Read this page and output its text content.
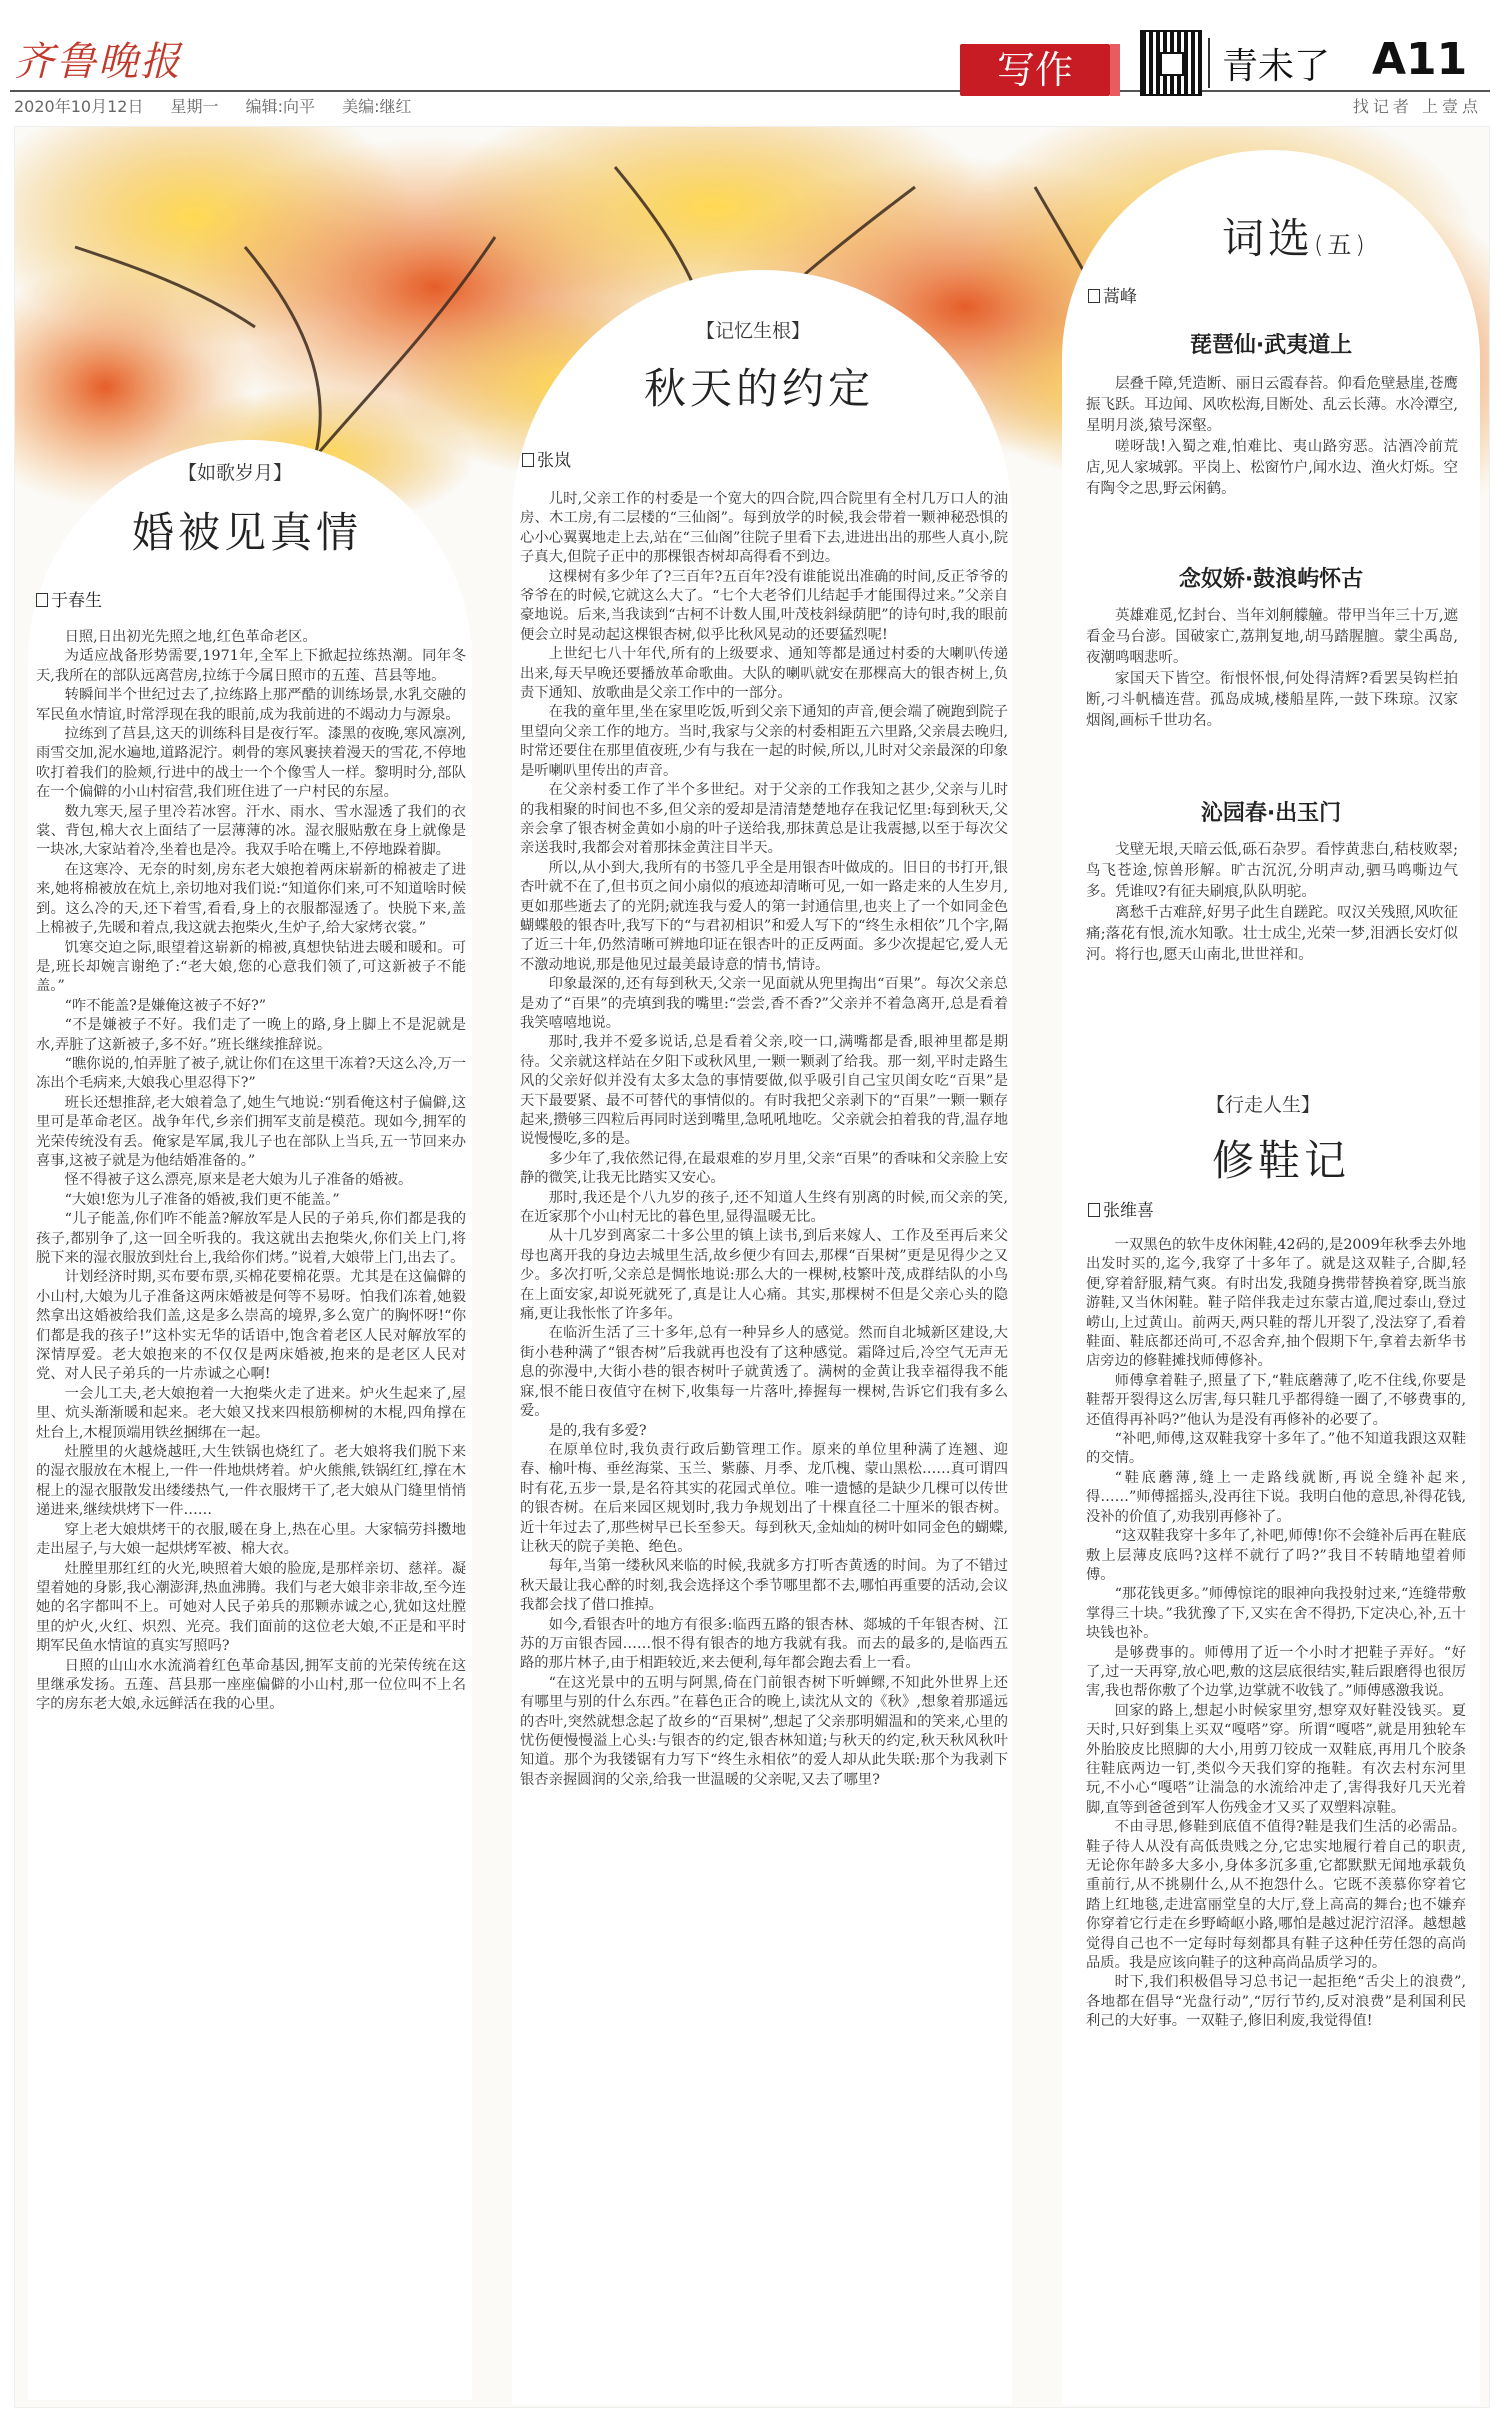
齐鲁晚报
2020年10月12日 星期一 编辑:向平 美编:继红
写作	青未了 A11
找记者 上壹点
【如歌岁月】
婚被见真情
于春生

日照,日出初光先照之地,红色革命老区。

为适应战备形势需要,1971年,全军上下掀起拉练热潮。同年冬天,我所在的部队远离营房,拉练于今属日照市的五莲、莒县等地。

转瞬间半个世纪过去了,拉练路上那严酷的训练场景,水乳交融的军民鱼水情谊,时常浮现在我的眼前,成为我前进的不竭动力与源泉。

拉练到了莒县,这天的训练科目是夜行军。漆黑的夜晚,寒风凛冽,雨雪交加,泥水遍地,道路泥泞。刺骨的寒风裹挟着漫天的雪花,不停地吹打着我们的脸颊,行进中的战士一个个像雪人一样。黎明时分,部队在一个偏僻的小山村宿营,我们班住进了一户村民的东屋。

数九寒天,屋子里冷若冰窖。汗水、雨水、雪水湿透了我们的衣裳、背包,棉大衣上面结了一层薄薄的冰。湿衣服贴敷在身上就像是一块冰,大家站着冷,坐着也是冷。我双手哈在嘴上,不停地跺着脚。

在这寒冷、无奈的时刻,房东老大娘抱着两床崭新的棉被走了进来,她将棉被放在炕上,亲切地对我们说:“知道你们来,可不知道啥时候到。这么冷的天,还下着雪,看看,身上的衣服都湿透了。快脱下来,盖上棉被子,先暖和着点,我这就去抱柴火,生炉子,给大家烤衣裳。”

饥寒交迫之际,眼望着这崭新的棉被,真想快钻进去暖和暖和。可是,班长却婉言谢绝了:“老大娘,您的心意我们领了,可这新被子不能盖。”

“咋不能盖?是嫌俺这被子不好?”

“不是嫌被子不好。我们走了一晚上的路,身上脚上不是泥就是水,弄脏了这新被子,多不好。”班长继续推辞说。

“瞧你说的,怕弄脏了被子,就让你们在这里干冻着?天这么冷,万一冻出个毛病来,大娘我心里忍得下?”

班长还想推辞,老大娘着急了,她生气地说:“别看俺这村子偏僻,这里可是革命老区。战争年代,乡亲们拥军支前是模范。现如今,拥军的光荣传统没有丢。俺家是军属,我儿子也在部队上当兵,五一节回来办喜事,这被子就是为他结婚准备的。”

怪不得被子这么漂亮,原来是老大娘为儿子准备的婚被。

“大娘!您为儿子准备的婚被,我们更不能盖。”

“儿子能盖,你们咋不能盖?解放军是人民的子弟兵,你们都是我的孩子,都别争了,这一回全听我的。我这就出去抱柴火,你们关上门,将脱下来的湿衣服放到灶台上,我给你们烤。”说着,大娘带上门,出去了。

计划经济时期,买布要布票,买棉花要棉花票。尤其是在这偏僻的小山村,大娘为儿子准备这两床婚被是何等不易呀。怕我们冻着,她毅然拿出这婚被给我们盖,这是多么崇高的境界,多么宽广的胸怀呀!“你们都是我的孩子!”这朴实无华的话语中,饱含着老区人民对解放军的深情厚爱。老大娘抱来的不仅仅是两床婚被,抱来的是老区人民对党、对人民子弟兵的一片赤诚之心啊!

一会儿工夫,老大娘抱着一大抱柴火走了进来。炉火生起来了,屋里、炕头渐渐暖和起来。老大娘又找来四根筋柳树的木棍,四角撑在灶台上,木棍顶端用铁丝捆绑在一起。

灶膛里的火越烧越旺,大生铁锅也烧红了。老大娘将我们脱下来的湿衣服放在木棍上,一件一件地烘烤着。炉火熊熊,铁锅红红,撑在木棍上的湿衣服散发出缕缕热气,一件衣服烤干了,老大娘从门缝里悄悄递进来,继续烘烤下一件……

穿上老大娘烘烤干的衣服,暖在身上,热在心里。大家犒劳抖擞地走出屋子,与大娘一起烘烤军被、棉大衣。

灶膛里那红红的火光,映照着大娘的脸庞,是那样亲切、慈祥。凝望着她的身影,我心潮澎湃,热血沸腾。我们与老大娘非亲非故,至今连她的名字都叫不上。可她对人民子弟兵的那颗赤诚之心,犹如这灶膛里的炉火,火红、炽烈、光亮。我们面前的这位老大娘,不正是和平时期军民鱼水情谊的真实写照吗?

日照的山山水水流淌着红色革命基因,拥军支前的光荣传统在这里继承发扬。五莲、莒县那一座座偏僻的小山村,那一位位叫不上名字的房东老大娘,永远鲜活在我的心里。

【记忆生根】
秋天的约定
张岚

儿时,父亲工作的村委是一个宽大的四合院,四合院里有全村几万口人的油房、木工房,有二层楼的“三仙阁”。每到放学的时候,我会带着一颗神秘恐惧的心小心翼翼地走上去,站在“三仙阁”往院子里看下去,进进出出的那些人真小,院子真大,但院子正中的那棵银杏树却高得看不到边。

这棵树有多少年了?三百年?五百年?没有谁能说出准确的时间,反正爷爷的爷爷在的时候,它就这么大了。“七个大老爷们儿结起手才能围得过来。”父亲自豪地说。后来,当我读到“古柯不计数人围,叶茂枝斜绿荫肥”的诗句时,我的眼前便会立时晃动起这棵银杏树,似乎比秋风晃动的还要猛烈呢!

上世纪七八十年代,所有的上级要求、通知等都是通过村委的大喇叭传递出来,每天早晚还要播放革命歌曲。大队的喇叭就安在那棵高大的银杏树上,负责下通知、放歌曲是父亲工作中的一部分。

在我的童年里,坐在家里吃饭,听到父亲下通知的声音,便会端了碗跑到院子里望向父亲工作的地方。当时,我家与父亲的村委相距五六里路,父亲晨去晚归,时常还要住在那里值夜班,少有与我在一起的时候,所以,儿时对父亲最深的印象是听喇叭里传出的声音。

在父亲村委工作了半个多世纪。对于父亲的工作我知之甚少,父亲与儿时的我相聚的时间也不多,但父亲的爱却是清清楚楚地存在我记忆里:每到秋天,父亲会拿了银杏树金黄如小扇的叶子送给我,那抹黄总是让我震撼,以至于每次父亲送我时,我都会对着那抹金黄注目半天。

所以,从小到大,我所有的书签几乎全是用银杏叶做成的。旧日的书打开,银杏叶就不在了,但书页之间小扇似的痕迹却清晰可见,一如一路走来的人生岁月,更如那些逝去了的光阴;就连我与爱人的第一封通信里,也夹上了一个如同金色蝴蝶般的银杏叶,我写下的“与君初相识”和爱人写下的“终生永相依”几个字,隔了近三十年,仍然清晰可辨地印证在银杏叶的正反两面。多少次提起它,爱人无不激动地说,那是他见过最美最诗意的情书,情诗。

印象最深的,还有每到秋天,父亲一见面就从兜里掏出“百果”。每次父亲总是劝了“百果”的壳填到我的嘴里:“尝尝,香不香?”父亲并不着急离开,总是看着我笑嘻嘻地说。

那时,我并不爱多说话,总是看着父亲,咬一口,满嘴都是香,眼神里都是期待。父亲就这样站在夕阳下或秋风里,一颗一颗剥了给我。那一刻,平时走路生风的父亲好似并没有太多太急的事情要做,似乎吸引自己宝贝闺女吃“百果”是天下最要紧、最不可替代的事情似的。有时我把父亲剥下的“百果”一颗一颗存起来,攒够三四粒后再同时送到嘴里,急吼吼地吃。父亲就会拍着我的背,温存地说慢慢吃,多的是。

多少年了,我依然记得,在最艰难的岁月里,父亲“百果”的香味和父亲脸上安静的微笑,让我无比踏实又安心。

那时,我还是个八九岁的孩子,还不知道人生终有别离的时候,而父亲的笑,在近家那个小山村无比的暮色里,显得温暖无比。

从十几岁到离家二十多公里的镇上读书,到后来嫁人、工作及至再后来父母也离开我的身边去城里生活,故乡便少有回去,那棵“百果树”更是见得少之又少。多次打听,父亲总是惆怅地说:那么大的一棵树,枝繁叶茂,成群结队的小鸟在上面安家,却说死就死了,真是让人心痛。其实,那棵树不但是父亲心头的隐痛,更让我怅怅了许多年。

在临沂生活了三十多年,总有一种异乡人的感觉。然而自北城新区建设,大街小巷种满了“银杏树”后我就再也没有了这种感觉。霜降过后,冷空气无声无息的弥漫中,大街小巷的银杏树叶子就黄透了。满树的金黄让我幸福得我不能寐,恨不能日夜值守在树下,收集每一片落叶,捧握每一棵树,告诉它们我有多么爱。

是的,我有多爱?

在原单位时,我负责行政后勤管理工作。原来的单位里种满了连翘、迎春、榆叶梅、垂丝海棠、玉兰、紫藤、月季、龙爪槐、蒙山黑松……真可谓四时有花,五步一景,是名符其实的花园式单位。唯一遗憾的是缺少几棵可以传世的银杏树。在后来园区规划时,我力争规划出了十棵直径二十厘米的银杏树。近十年过去了,那些树早已长至参天。每到秋天,金灿灿的树叶如同金色的蝴蝶,让秋天的院子美艳、绝色。

每年,当第一缕秋风来临的时候,我就多方打听杏黄透的时间。为了不错过秋天最让我心醉的时刻,我会选择这个季节哪里都不去,哪怕再重要的活动,会议我都会找了借口推掉。

如今,看银杏叶的地方有很多:临西五路的银杏林、郯城的千年银杏树、江苏的万亩银杏园……恨不得有银杏的地方我就有我。而去的最多的,是临西五路的那片林子,由于相距较近,来去便利,每年都会跑去看上一看。

“在这光景中的五明与阿黑,倚在门前银杏树下听蝉鳏,不知此外世界上还有哪里与别的什么东西。”在暮色正合的晚上,读沈从文的《秋》,想象着那遥远的杏叶,突然就想念起了故乡的“百果树”,想起了父亲那明媚温和的笑来,心里的忧伤便慢慢溢上心头:与银杏的约定,银杏林知道;与秋天的约定,秋天秋风秋叶知道。那个为我镂锯有力写下“终生永相依”的爱人却从此失联:那个为我剥下银杏亲握圆润的父亲,给我一世温暖的父亲呢,又去了哪里?

词选(五)
蒿峰
琵琶仙·武夷道上

层叠千障,凭造断、丽日云霞春苔。仰看危壁悬崖,苍鹰振飞跃。耳边闻、风吹松海,目断处、乱云长薄。水冷潭空,星明月淡,猿号深壑。

嗟呀哉!入蜀之难,怕难比、夷山路穷恶。沽酒冷前荒店,见人家城郭。平岗上、松窗竹户,闻水边、渔火灯烁。空有陶令之思,野云闲鹤。

念奴娇·鼓浪屿怀古

英雄难觅,忆封台、当年刘舸艨艟。带甲当年三十万,遮看金马台澎。国破家亡,荔荆复地,胡马踏腥膻。蒙尘禹岛,夜潮鸣咽悲听。

家国天下皆空。衔恨怀恨,何处得清辉?看罢吴钩栏拍断,刁斗帆樯连营。孤岛成城,楼船星阵,一鼓下珠琼。汉家烟阁,画标千世功名。

沁园春·出玉门

戈壁无垠,天暗云低,砾石杂罗。看悖黄悲白,秸枝败翠;鸟飞苍途,惊兽形解。旷古沉沉,分明声动,驷马鸣嘶边气多。凭谁叹?有征夫刷痕,队队明驼。

离愁千古难辞,好男子此生自蹉跎。叹汉关残照,风吹征痛;落花有恨,流水知歌。壮士成尘,光荣一梦,泪洒长安灯似河。将行也,愿天山南北,世世祥和。

【行走人生】
修鞋记
张维喜

一双黑色的软牛皮休闲鞋,42码的,是2009年秋季去外地出发时买的,迄今,我穿了十多年了。就是这双鞋子,合脚,轻便,穿着舒服,精气爽。有时出发,我随身携带替换着穿,既当旅游鞋,又当休闲鞋。鞋子陪伴我走过东蒙古道,爬过泰山,登过崂山,上过黄山。前两天,两只鞋的帮儿开裂了,没法穿了,看着鞋面、鞋底都还尚可,不忍舍弃,抽个假期下午,拿着去新华书店旁边的修鞋摊找师傅修补。

师傅拿着鞋子,照量了下,“鞋底蘑薄了,吃不住线,你要是鞋帮开裂得这么厉害,每只鞋几乎都得缝一圈了,不够费事的,还值得再补吗?”他认为是没有再修补的必要了。

“补吧,师傅,这双鞋我穿十多年了。”他不知道我跟这双鞋的交情。

“鞋底蘑薄,缝上一走路线就断,再说全缝补起来,得……”师傅摇摇头,没再往下说。我明白他的意思,补得花钱,没补的价值了,劝我别再修补了。

“这双鞋我穿十多年了,补吧,师傅!你不会缝补后再在鞋底敷上层薄皮底吗?这样不就行了吗?”我目不转睛地望着师傅。

“那花钱更多。”师傅惊诧的眼神向我投射过来,“连缝带敷掌得三十块。”我犹豫了下,又实在舍不得扔,下定决心,补,五十块钱也补。

是够费事的。师傅用了近一个小时才把鞋子弄好。“好了,过一天再穿,放心吧,敷的这层底很结实,鞋后跟磨得也很厉害,我也帮你敷了个边掌,边掌就不收钱了。”师傅感激我说。

回家的路上,想起小时候家里穷,想穿双好鞋没钱买。夏天时,只好到集上买双“嘎嗒”穿。所谓“嘎嗒”,就是用独轮车外胎胶皮比照脚的大小,用剪刀铰成一双鞋底,再用几个胶条往鞋底两边一钉,类似今天我们穿的拖鞋。有次去村东河里玩,不小心“嘎嗒”让湍急的水流给冲走了,害得我好几天光着脚,直等到爸爸到军人伤残金才又买了双塑料凉鞋。

不由寻思,修鞋到底值不值得?鞋是我们生活的必需品。鞋子待人从没有高低贵贱之分,它忠实地履行着自己的职责,无论你年龄多大多小,身体多沉多重,它都默默无闻地承载负重前行,从不挑剔什么,从不抱怨什么。它既不羡慕你穿着它踏上红地毯,走进富丽堂皇的大厅,登上高高的舞台;也不嫌弃你穿着它行走在乡野崎岖小路,哪怕是越过泥泞沼泽。越想越觉得自己也不一定每时每刻都具有鞋子这种任劳任怨的高尚品质。我是应该向鞋子的这种高尚品质学习的。

时下,我们积极倡导习总书记一起拒绝“舌尖上的浪费”,各地都在倡导“光盘行动”,“厉行节约,反对浪费”是利国利民利己的大好事。一双鞋子,修旧利废,我觉得值!
